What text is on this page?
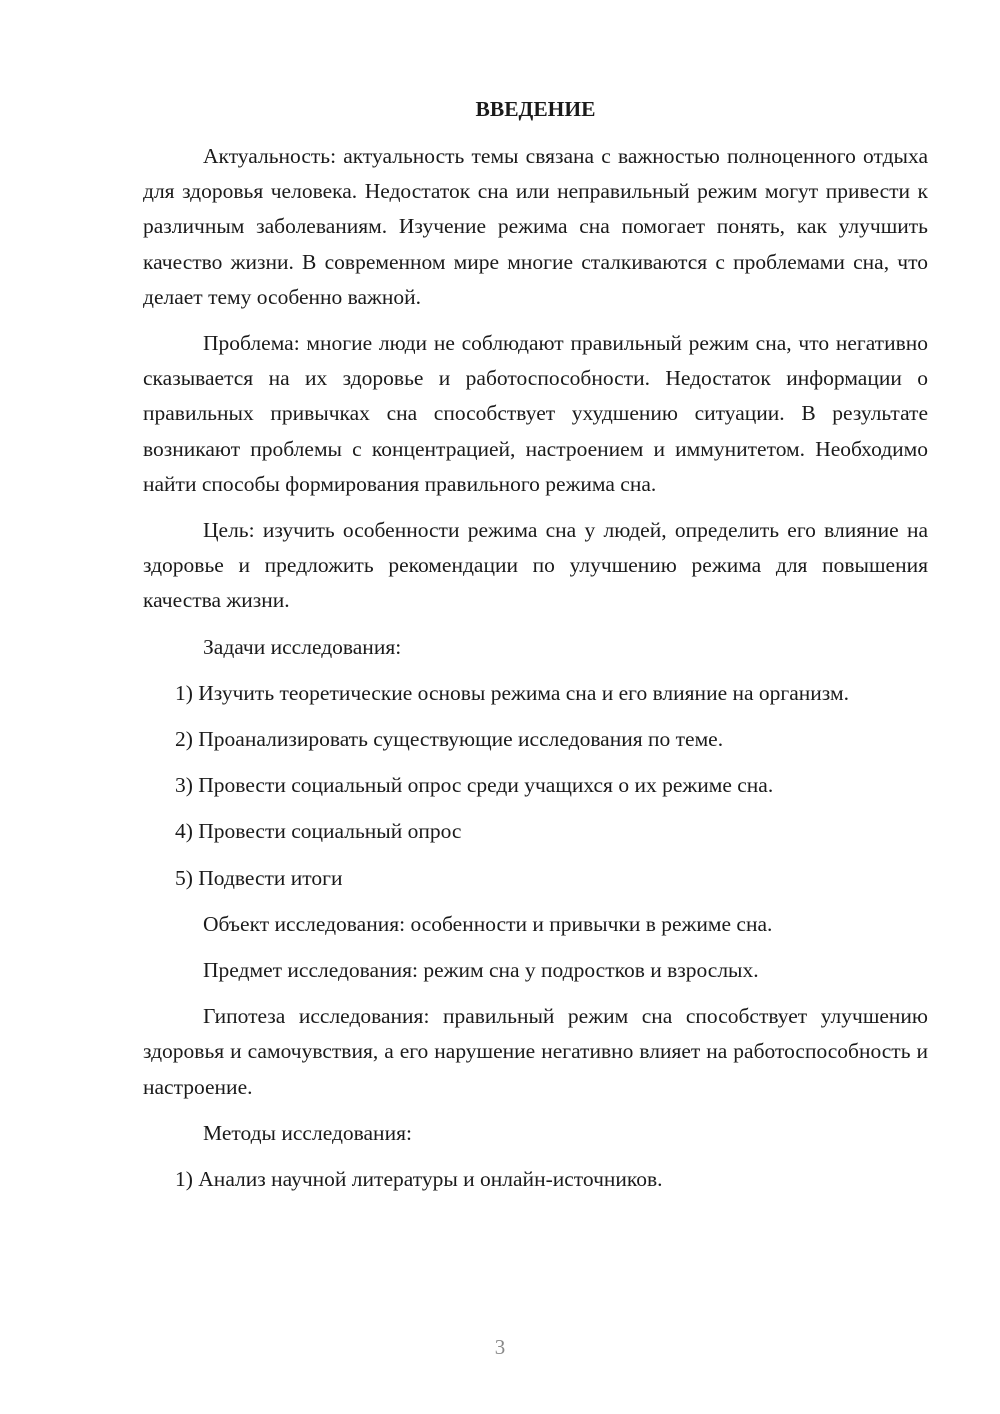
ВВЕДЕНИЕ

Актуальность: актуальность темы связана с важностью полноценного отдыха для здоровья человека. Недостаток сна или неправильный режим могут привести к различным заболеваниям. Изучение режима сна помогает понять, как улучшить качество жизни. В современном мире многие сталкиваются с проблемами сна, что делает тему особенно важной.

Проблема: многие люди не соблюдают правильный режим сна, что негативно сказывается на их здоровье и работоспособности. Недостаток информации о правильных привычках сна способствует ухудшению ситуации. В результате возникают проблемы с концентрацией, настроением и иммунитетом. Необходимо найти способы формирования правильного режима сна.

Цель: изучить особенности режима сна у людей, определить его влияние на здоровье и предложить рекомендации по улучшению режима для повышения качества жизни.

Задачи исследования:

1) Изучить теоретические основы режима сна и его влияние на организм.

2) Проанализировать существующие исследования по теме.

3) Провести социальный опрос среди учащихся о их режиме сна.

4) Провести социальный опрос

5) Подвести итоги

Объект исследования: особенности и привычки в режиме сна.

Предмет исследования: режим сна у подростков и взрослых.

Гипотеза исследования: правильный режим сна способствует улучшению здоровья и самочувствия, а его нарушение негативно влияет на работоспособность и настроение.

Методы исследования:

1) Анализ научной литературы и онлайн-источников.

3
